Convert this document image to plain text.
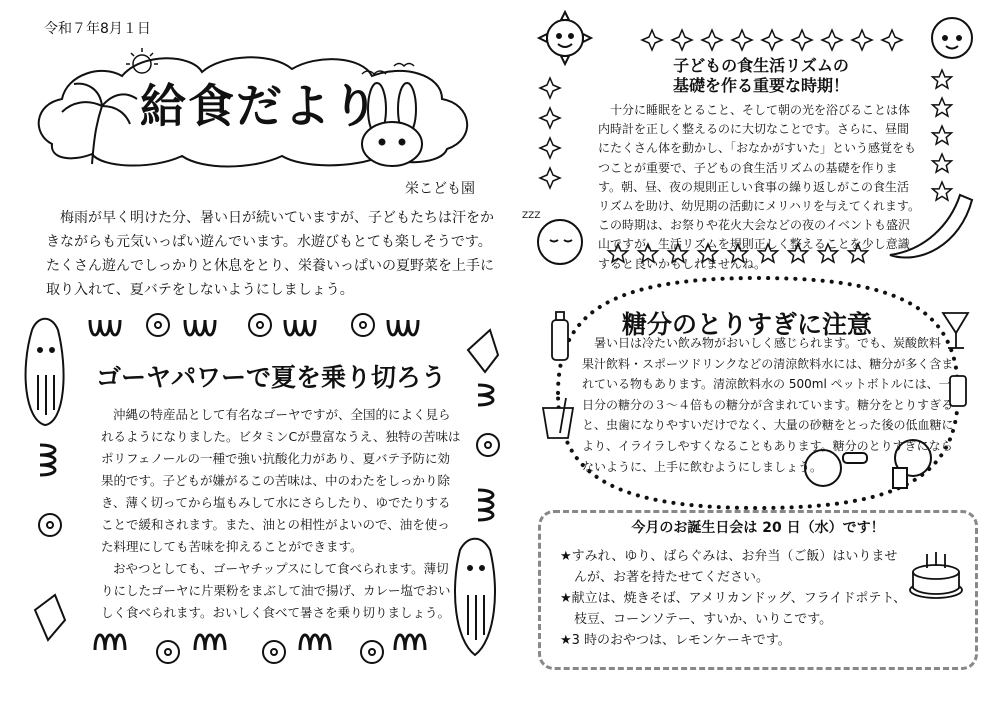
令和７年8月１日
給食だより
栄こども園
梅雨が早く明けた分、暑い日が続いていますが、子どもたちは汗をかきながらも元気いっぱい遊んでいます。水遊びもとても楽しそうです。たくさん遊んでしっかりと休息をとり、栄養いっぱいの夏野菜を上手に取り入れて、夏バテをしないようにしましょう。
ゴーヤパワーで夏を乗り切ろう

沖縄の特産品として有名なゴーヤですが、全国的によく見られるようになりました。ビタミンCが豊富なうえ、独特の苦味はポリフェノールの一種で強い抗酸化力があり、夏バテ予防に効果的です。子どもが嫌がるこの苦味は、中のわたをしっかり除き、薄く切ってから塩もみして水にさらしたり、ゆでたりすることで緩和されます。また、油との相性がよいので、油を使った料理にしても苦味を抑えることができます。

おやつとしても、ゴーヤチップスにして食べられます。薄切りにしたゴーヤに片栗粉をまぶして油で揚げ、カレー塩でおいしく食べられます。おいしく食べて暑さを乗り切りましょう。

ZZZ
子どもの食生活リズムの
基礎を作る重要な時期！
十分に睡眠をとること、そして朝の光を浴びることは体内時計を正しく整えるのに大切なことです。さらに、昼間にたくさん体を動かし、「おなかがすいた」という感覚をもつことが重要で、子どもの食生活リズムの基礎を作ります。朝、昼、夜の規則正しい食事の繰り返しがこの食生活リズムを助け、幼児期の活動にメリハリを与えてくれます。この時期は、お祭りや花火大会などの夜のイベントも盛沢山ですが、生活リズムを規則正しく整えることを少し意識すると良いかもしれませんね。
糖分のとりすぎに注意
暑い日は冷たい飲み物がおいしく感じられます。でも、炭酸飲料・果汁飲料・スポーツドリンクなどの清涼飲料水には、糖分が多く含まれている物もあります。清涼飲料水の 500ml ペットボトルには、一日分の糖分の３〜４倍もの糖分が含まれています。糖分をとりすぎると、虫歯になりやすいだけでなく、大量の砂糖をとった後の低血糖により、イライラしやすくなることもあります。糖分のとりすぎにならないように、上手に飲むようにしましょう。
今月のお誕生日会は 20 日（水）です！
★すみれ、ゆり、ばらぐみは、お弁当（ご飯）はいりませんが、お著を持たせてください。
★献立は、焼きそば、アメリカンドッグ、フライドポテト、枝豆、コーンソテー、すいか、いりこです。
★3 時のおやつは、レモンケーキです。
